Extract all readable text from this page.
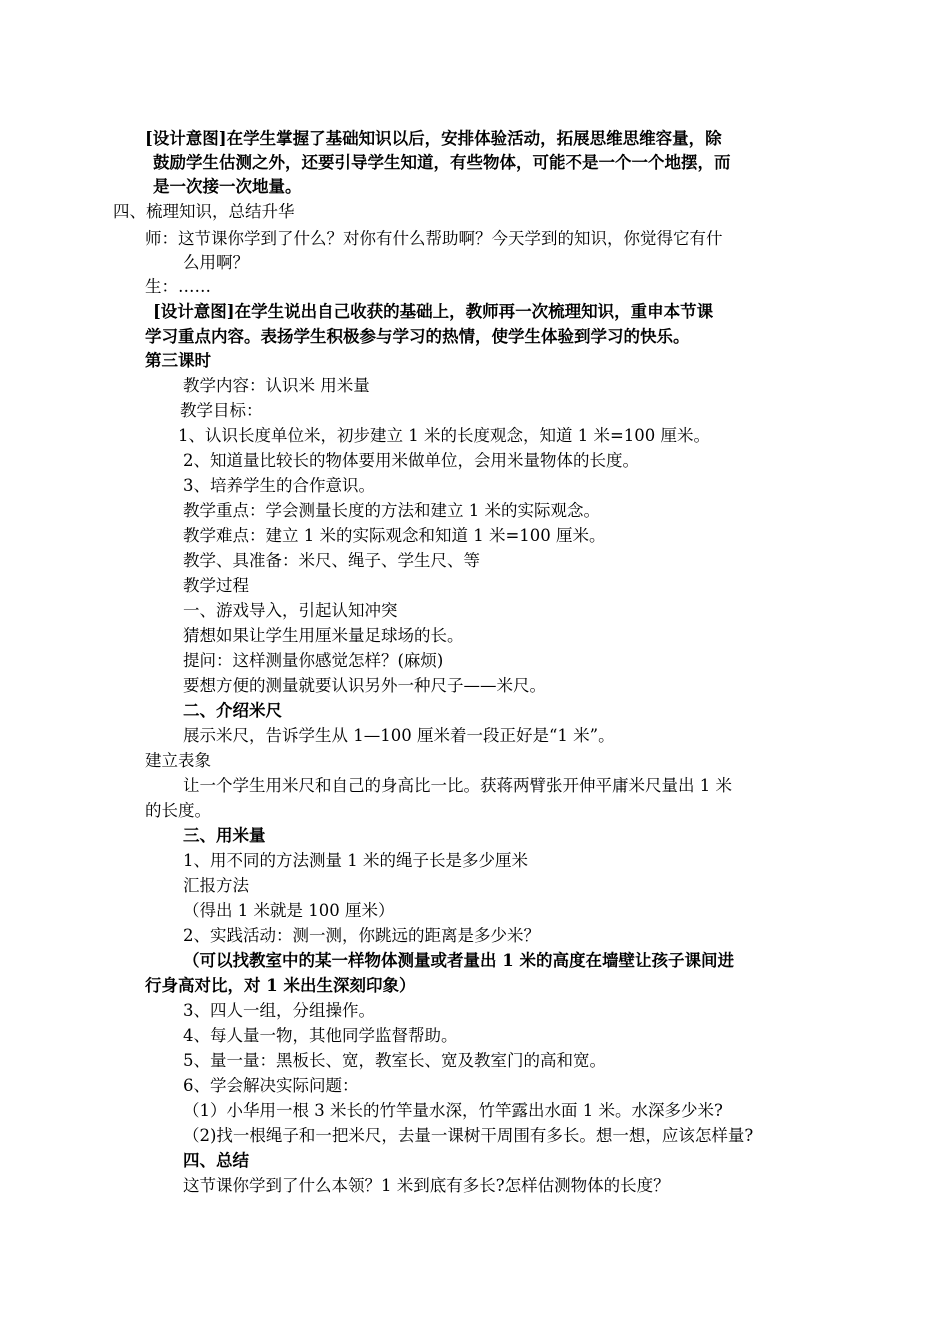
[设计意图]在学生掌握了基础知识以后，安排体验活动，拓展思维思维容量，除
鼓励学生估测之外，还要引导学生知道，有些物体，可能不是一个一个地摆，而
是一次接一次地量。
四、梳理知识，总结升华
师：这节课你学到了什么？对你有什么帮助啊？今天学到的知识，你觉得它有什
么用啊？
生：……
[设计意图]在学生说出自己收获的基础上，教师再一次梳理知识，重申本节课
学习重点内容。表扬学生积极参与学习的热情，使学生体验到学习的快乐。
第三课时
教学内容：认识米 用米量
教学目标：
1、认识长度单位米，初步建立 1 米的长度观念，知道 1 米=100 厘米。
2、知道量比较长的物体要用米做单位，会用米量物体的长度。
3、培养学生的合作意识。
教学重点：学会测量长度的方法和建立 1 米的实际观念。
教学难点：建立 1 米的实际观念和知道 1 米=100 厘米。
教学、具准备：米尺、绳子、学生尺、等
教学过程
一、游戏导入，引起认知冲突
猜想如果让学生用厘米量足球场的长。
提问：这样测量你感觉怎样？(麻烦)
要想方便的测量就要认识另外一种尺子——米尺。
二、介绍米尺
展示米尺，告诉学生从 1—100 厘米着一段正好是“1 米”。
建立表象
让一个学生用米尺和自己的身高比一比。获蒋两臂张开伸平庸米尺量出 1 米
的长度。
三、用米量
1、用不同的方法测量 1 米的绳子长是多少厘米
汇报方法
（得出 1 米就是 100 厘米）
2、实践活动：测一测，你跳远的距离是多少米？
（可以找教室中的某一样物体测量或者量出 1 米的高度在墙壁让孩子课间进
行身高对比，对 1 米出生深刻印象）
3、四人一组，分组操作。
4、每人量一物，其他同学监督帮助。
5、量一量：黑板长、宽，教室长、宽及教室门的高和宽。
6、学会解决实际问题：
（1）小华用一根 3 米长的竹竿量水深，竹竿露出水面 1 米。水深多少米?
（2)找一根绳子和一把米尺，去量一课树干周围有多长。想一想，应该怎样量?
四、总结
这节课你学到了什么本领？1 米到底有多长?怎样估测物体的长度？
